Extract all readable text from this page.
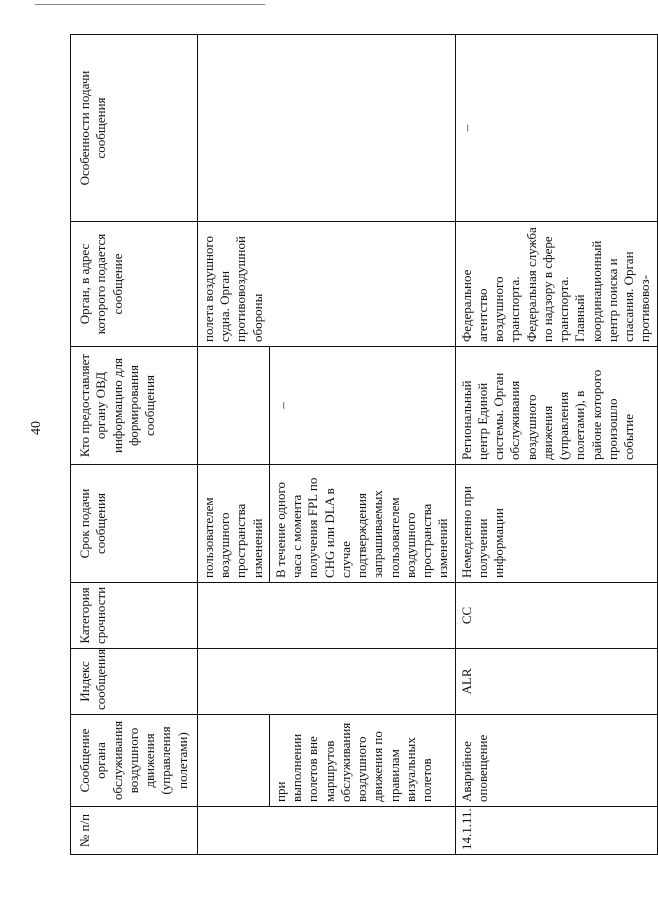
40
№ п/п	Сообщение органа обслуживания воздушного движения (управления полетами)	Индекс сообщения	Категория срочности	Срок подачи сообщения	Кто предоставляет органу ОВД информацию для формирования сообщения	Орган, в адрес которого подается сообщение	Особенности подачи сообщения
				пользователем воздушного пространства изменений		полета воздушного судна. Орган противовоздушной обороны	
	при выполнении полетов вне маршрутов обслуживания воздушного движения по правилам визуальных полетов			В течение одного часа с момента получения FPL по CHG или DLA в случае подтверждения запрашиваемых пользователем воздушного пространства изменений	–		

14.1.11.	Аварийное оповещение	ALR	CC	Немедленно при получении информации	Региональный центр Единой системы. Орган обслуживания воздушного движения (управления полетами), в районе которого произошло событие	Федеральное агентство воздушного транспорта. Федеральная служба по надзору в сфере транспорта. Главный координационный центр поиска и спасания. Орган противовоз-	–
